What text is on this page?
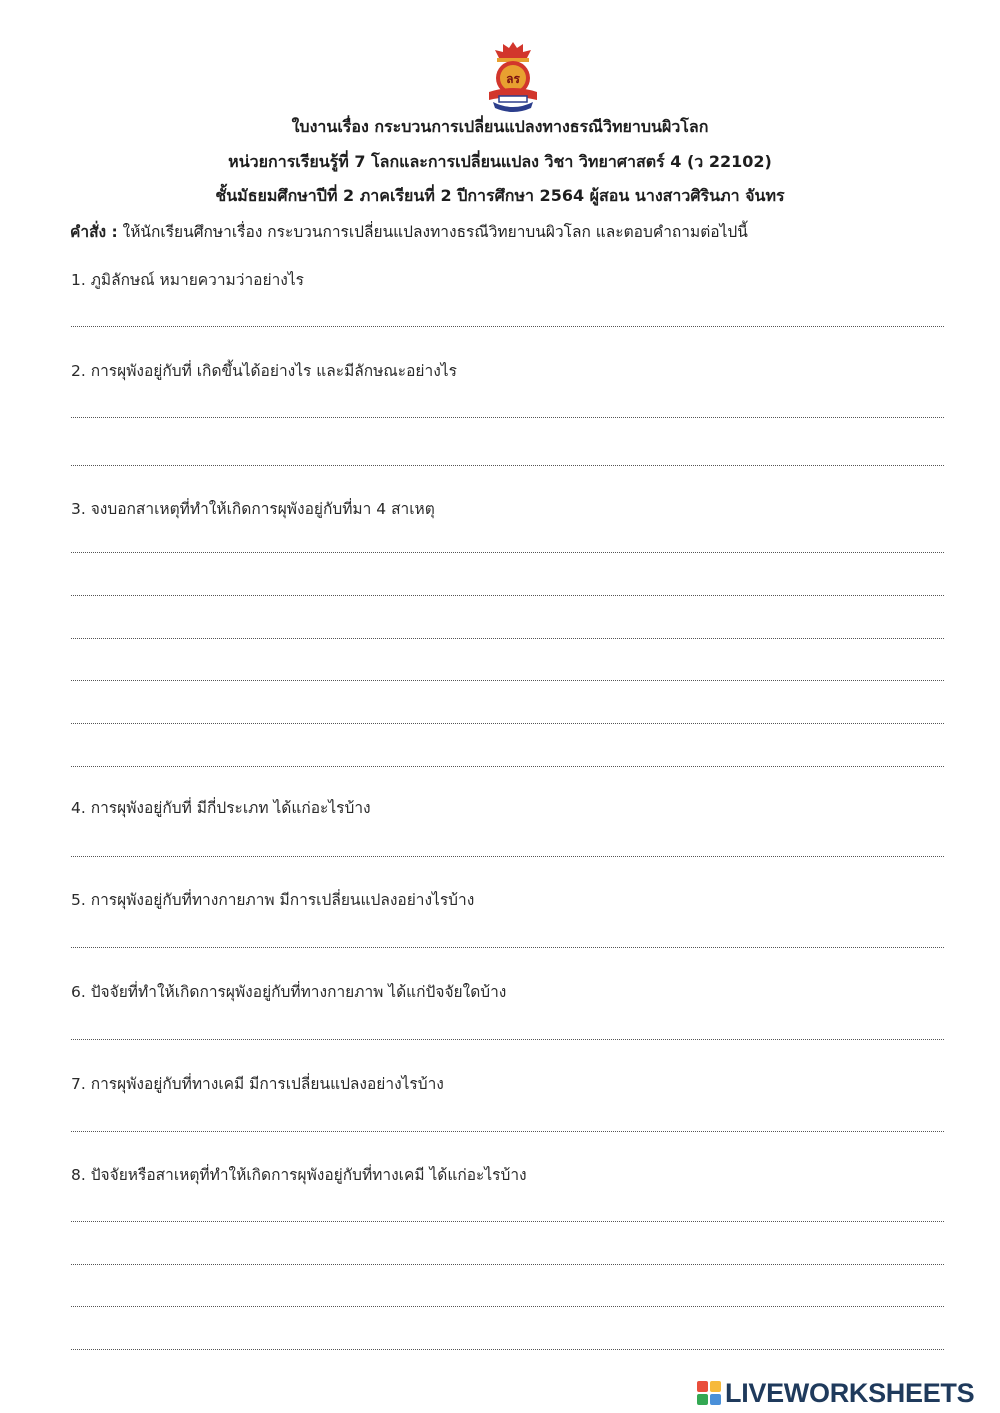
ลร
ใบงานเรื่อง กระบวนการเปลี่ยนแปลงทางธรณีวิทยาบนผิวโลก
หน่วยการเรียนรู้ที่ 7 โลกและการเปลี่ยนแปลง วิชา วิทยาศาสตร์ 4 (ว 22102)
ชั้นมัธยมศึกษาปีที่ 2 ภาคเรียนที่ 2 ปีการศึกษา 2564 ผู้สอน นางสาวศิรินภา จันทร
คำสั่ง : ให้นักเรียนศึกษาเรื่อง กระบวนการเปลี่ยนแปลงทางธรณีวิทยาบนผิวโลก และตอบคำถามต่อไปนี้
1. ภูมิลักษณ์ หมายความว่าอย่างไร
2. การผุพังอยู่กับที่ เกิดขึ้นได้อย่างไร และมีลักษณะอย่างไร
3. จงบอกสาเหตุที่ทำให้เกิดการผุพังอยู่กับที่มา 4 สาเหตุ
4. การผุพังอยู่กับที่ มีกี่ประเภท ได้แก่อะไรบ้าง
5. การผุพังอยู่กับที่ทางกายภาพ มีการเปลี่ยนแปลงอย่างไรบ้าง
6. ปัจจัยที่ทำให้เกิดการผุพังอยู่กับที่ทางกายภาพ ได้แก่ปัจจัยใดบ้าง
7. การผุพังอยู่กับที่ทางเคมี มีการเปลี่ยนแปลงอย่างไรบ้าง
8. ปัจจัยหรือสาเหตุที่ทำให้เกิดการผุพังอยู่กับที่ทางเคมี ได้แก่อะไรบ้าง
LIVEWORKSHEETS
